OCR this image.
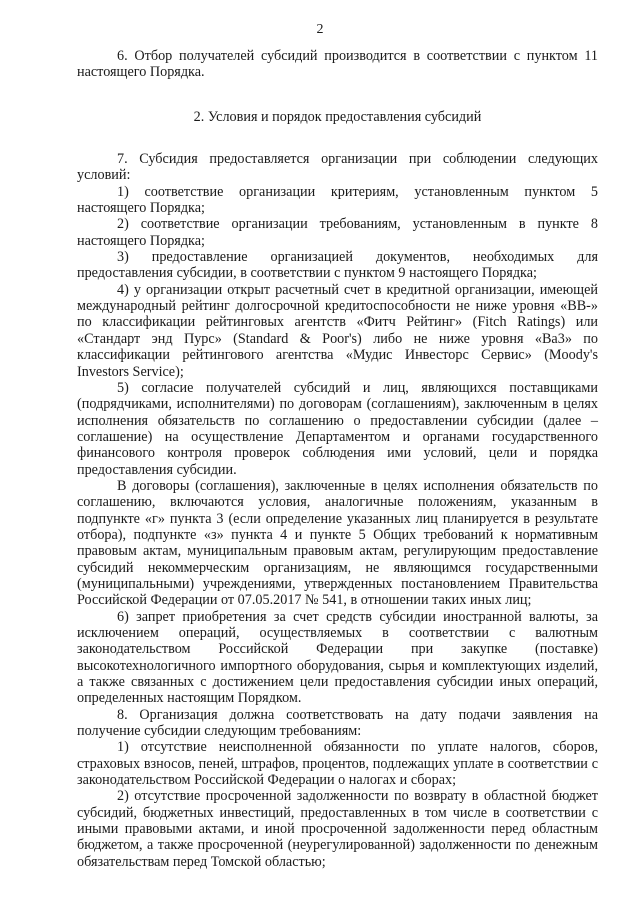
2

6. Отбор получателей субсидий производится в соответствии с пунктом 11 настоящего Порядка.

2. Условия и порядок предоставления субсидий

7. Субсидия предоставляется организации при соблюдении следующих условий:

1) соответствие организации критериям, установленным пунктом 5 настоящего Порядка;

2) соответствие организации требованиям, установленным в пункте 8 настоящего Порядка;

3) предоставление организацией документов, необходимых для предоставления субсидии, в соответствии с пунктом 9 настоящего Порядка;

4) у организации открыт расчетный счет в кредитной организации, имеющей международный рейтинг долгосрочной кредитоспособности не ниже уровня «ВВ-» по классификации рейтинговых агентств «Фитч Рейтинг» (Fitch Ratings) или «Стандарт энд Пурс» (Standard & Poor's) либо не ниже уровня «Ва3» по классификации рейтингового агентства «Мудис Инвесторс Сервис» (Moody's Investors Service);

5) согласие получателей субсидий и лиц, являющихся поставщиками (подрядчиками, исполнителями) по договорам (соглашениям), заключенным в целях исполнения обязательств по соглашению о предоставлении субсидии (далее – соглашение) на осуществление Департаментом и органами государственного финансового контроля проверок соблюдения ими условий, цели и порядка предоставления субсидии.

В договоры (соглашения), заключенные в целях исполнения обязательств по соглашению, включаются условия, аналогичные положениям, указанным в подпункте «г» пункта 3 (если определение указанных лиц планируется в результате отбора), подпункте «з» пункта 4 и пункте 5 Общих требований к нормативным правовым актам, муниципальным правовым актам, регулирующим предоставление субсидий некоммерческим организациям, не являющимся государственными (муниципальными) учреждениями, утвержденных постановлением Правительства Российской Федерации от 07.05.2017 № 541, в отношении таких иных лиц;

6) запрет приобретения за счет средств субсидии иностранной валюты, за исключением операций, осуществляемых в соответствии с валютным законодательством Российской Федерации при закупке (поставке) высокотехнологичного импортного оборудования, сырья и комплектующих изделий, а также связанных с достижением цели предоставления субсидии иных операций, определенных настоящим Порядком.

8. Организация должна соответствовать на дату подачи заявления на получение субсидии следующим требованиям:

1) отсутствие неисполненной обязанности по уплате налогов, сборов, страховых взносов, пеней, штрафов, процентов, подлежащих уплате в соответствии с законодательством Российской Федерации о налогах и сборах;

2) отсутствие просроченной задолженности по возврату в областной бюджет субсидий, бюджетных инвестиций, предоставленных в том числе в соответствии с иными правовыми актами, и иной просроченной задолженности перед областным бюджетом, а также просроченной (неурегулированной) задолженности по денежным обязательствам перед Томской областью;
